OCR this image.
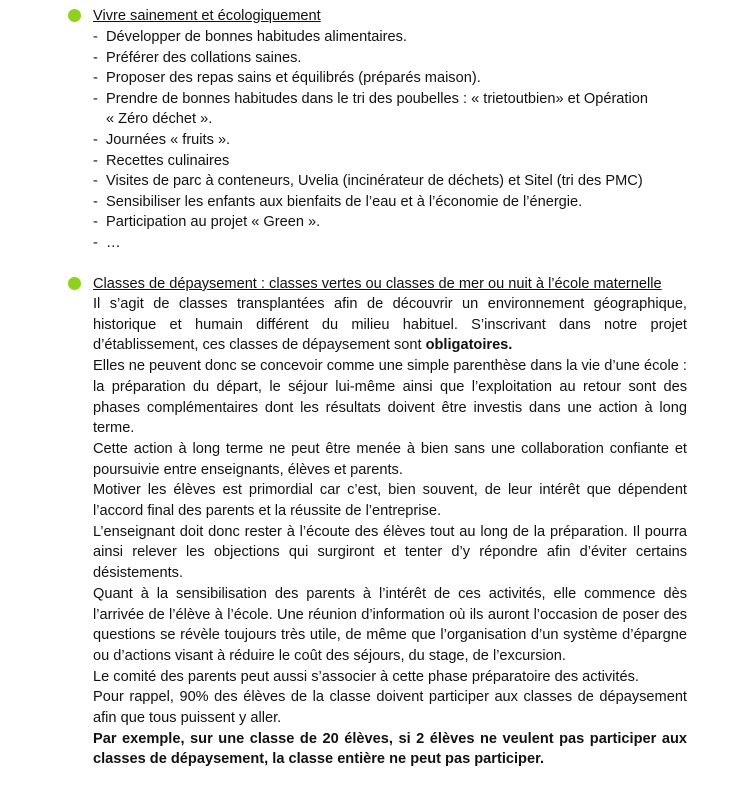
Vivre sainement et écologiquement
- Développer de bonnes habitudes alimentaires.
- Préférer des collations saines.
- Proposer des repas sains et équilibrés (préparés maison).
- Prendre de bonnes habitudes dans le tri des poubelles : « trietoutbien» et Opération
« Zéro déchet ».
- Journées « fruits ».
- Recettes culinaires
- Visites de parc à conteneurs, Uvelia (incinérateur de déchets) et Sitel (tri des PMC)
- Sensibiliser les enfants aux bienfaits de l’eau et à l’économie de l’énergie.
- Participation au projet « Green ».
- …
Classes de dépaysement : classes vertes ou classes de mer ou nuit à l’école maternelle

Il s’agit de classes transplantées afin de découvrir un environnement géographique, historique et humain différent du milieu habituel. S’inscrivant dans notre projet d’établissement, ces classes de dépaysement sont obligatoires.

Elles ne peuvent donc se concevoir comme une simple parenthèse dans la vie d’une école : la préparation du départ, le séjour lui-même ainsi que l’exploitation au retour sont des phases complémentaires dont les résultats doivent être investis dans une action à long terme.

Cette action à long terme ne peut être menée à bien sans une collaboration confiante et poursuivie entre enseignants, élèves et parents.

Motiver les élèves est primordial car c’est, bien souvent, de leur intérêt que dépendent l’accord final des parents et la réussite de l’entreprise.

L’enseignant doit donc rester à l’écoute des élèves tout au long de la préparation. Il pourra ainsi relever les objections qui surgiront et tenter d’y répondre afin d’éviter certains désistements.

Quant à la sensibilisation des parents à l’intérêt de ces activités, elle commence dès l’arrivée de l’élève à l’école. Une réunion d’information où ils auront l’occasion de poser des questions se révèle toujours très utile, de même que l’organisation d’un système d’épargne ou d’actions visant à réduire le coût des séjours, du stage, de l’excursion.

Le comité des parents peut aussi s’associer à cette phase préparatoire des activités.

Pour rappel, 90% des élèves de la classe doivent participer aux classes de dépaysement afin que tous puissent y aller.

Par exemple, sur une classe de 20 élèves, si 2 élèves ne veulent pas participer aux classes de dépaysement, la classe entière ne peut pas participer.
